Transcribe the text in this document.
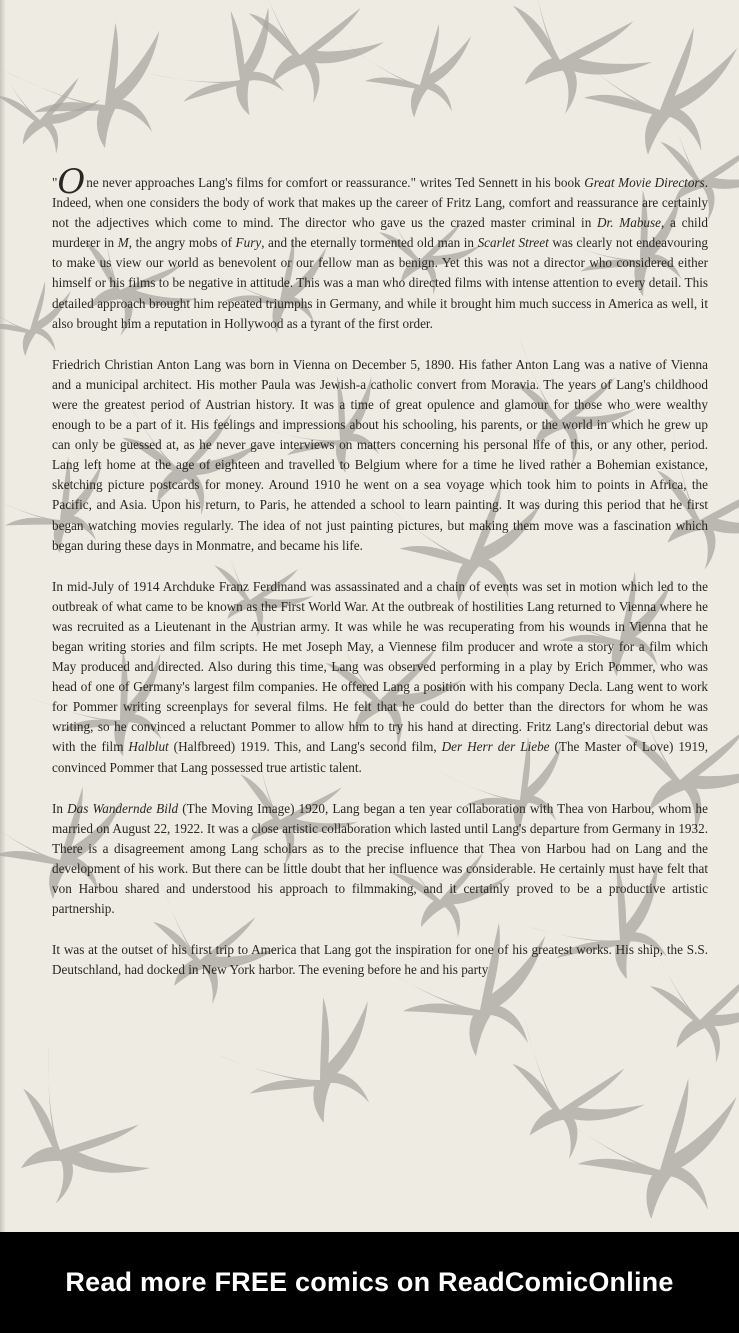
"One never approaches Lang's films for comfort or reassurance." writes Ted Sennett in his book Great Movie Directors. Indeed, when one considers the body of work that makes up the career of Fritz Lang, comfort and reassurance are certainly not the adjectives which come to mind. The director who gave us the crazed master criminal in Dr. Mabuse, a child murderer in M, the angry mobs of Fury, and the eternally tormented old man in Scarlet Street was clearly not endeavouring to make us view our world as benevolent or our fellow man as benign. Yet this was not a director who considered either himself or his films to be negative in attitude. This was a man who directed films with intense attention to every detail. This detailed approach brought him repeated triumphs in Germany, and while it brought him much success in America as well, it also brought him a reputation in Hollywood as a tyrant of the first order.

Friedrich Christian Anton Lang was born in Vienna on December 5, 1890. His father Anton Lang was a native of Vienna and a municipal architect. His mother Paula was Jewish-a catholic convert from Moravia. The years of Lang's childhood were the greatest period of Austrian history. It was a time of great opulence and glamour for those who were wealthy enough to be a part of it. His feelings and impressions about his schooling, his parents, or the world in which he grew up can only be guessed at, as he never gave interviews on matters concerning his personal life of this, or any other, period. Lang left home at the age of eighteen and travelled to Belgium where for a time he lived rather a Bohemian existance, sketching picture postcards for money. Around 1910 he went on a sea voyage which took him to points in Africa, the Pacific, and Asia. Upon his return, to Paris, he attended a school to learn painting. It was during this period that he first began watching movies regularly. The idea of not just painting pictures, but making them move was a fascination which began during these days in Monmatre, and became his life.

In mid-July of 1914 Archduke Franz Ferdinand was assassinated and a chain of events was set in motion which led to the outbreak of what came to be known as the First World War. At the outbreak of hostilities Lang returned to Vienna where he was recruited as a Lieutenant in the Austrian army. It was while he was recuperating from his wounds in Vienna that he began writing stories and film scripts. He met Joseph May, a Viennese film producer and wrote a story for a film which May produced and directed. Also during this time, Lang was observed performing in a play by Erich Pommer, who was head of one of Germany's largest film companies. He offered Lang a position with his company Decla. Lang went to work for Pommer writing screenplays for several films. He felt that he could do better than the directors for whom he was writing, so he convinced a reluctant Pommer to allow him to try his hand at directing. Fritz Lang's directorial debut was with the film Halblut (Halfbreed) 1919. This, and Lang's second film, Der Herr der Liebe (The Master of Love) 1919, convinced Pommer that Lang possessed true artistic talent.

In Das Wandernde Bild (The Moving Image) 1920, Lang began a ten year collaboration with Thea von Harbou, whom he married on August 22, 1922. It was a close artistic collaboration which lasted until Lang's departure from Germany in 1932. There is a disagreement among Lang scholars as to the precise influence that Thea von Harbou had on Lang and the development of his work. But there can be little doubt that her influence was considerable. He certainly must have felt that von Harbou shared and understood his approach to filmmaking, and it certainly proved to be a productive artistic partnership.

It was at the outset of his first trip to America that Lang got the inspiration for one of his greatest works. His ship, the S.S. Deutschland, had docked in New York harbor. The evening before he and his party

Read more FREE comics on ReadComicOnline
